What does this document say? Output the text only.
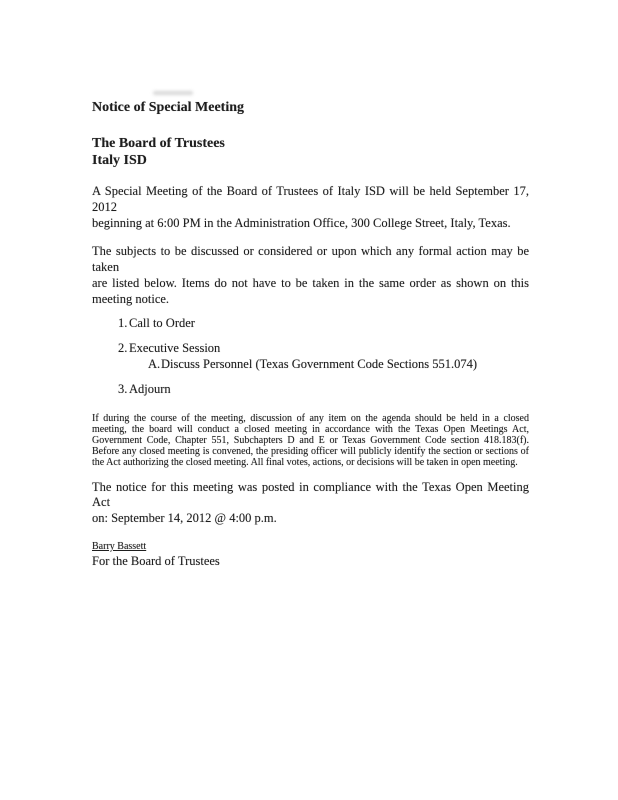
Notice of Special Meeting
The Board of Trustees
Italy ISD
A Special Meeting of the Board of Trustees of Italy ISD will be held September 17, 2012
beginning at 6:00 PM in the Administration Office, 300 College Street, Italy, Texas.
The subjects to be discussed or considered or upon which any formal action may be taken
are listed below. Items do not have to be taken in the same order as shown on this
meeting notice.
1. Call to Order
2. Executive Session
A.Discuss Personnel (Texas Government Code Sections 551.074)
3. Adjourn
If during the course of the meeting, discussion of any item on the agenda should be held in a closed
meeting, the board will conduct a closed meeting in accordance with the Texas Open Meetings Act,
Government Code, Chapter 551, Subchapters D and E or Texas Government Code section 418.183(f).
Before any closed meeting is convened, the presiding officer will publicly identify the section or sections of
the Act authorizing the closed meeting. All final votes, actions, or decisions will be taken in open meeting.
The notice for this meeting was posted in compliance with the Texas Open Meeting Act
on: September 14, 2012 @ 4:00 p.m.
Barry Bassett
For the Board of Trustees
